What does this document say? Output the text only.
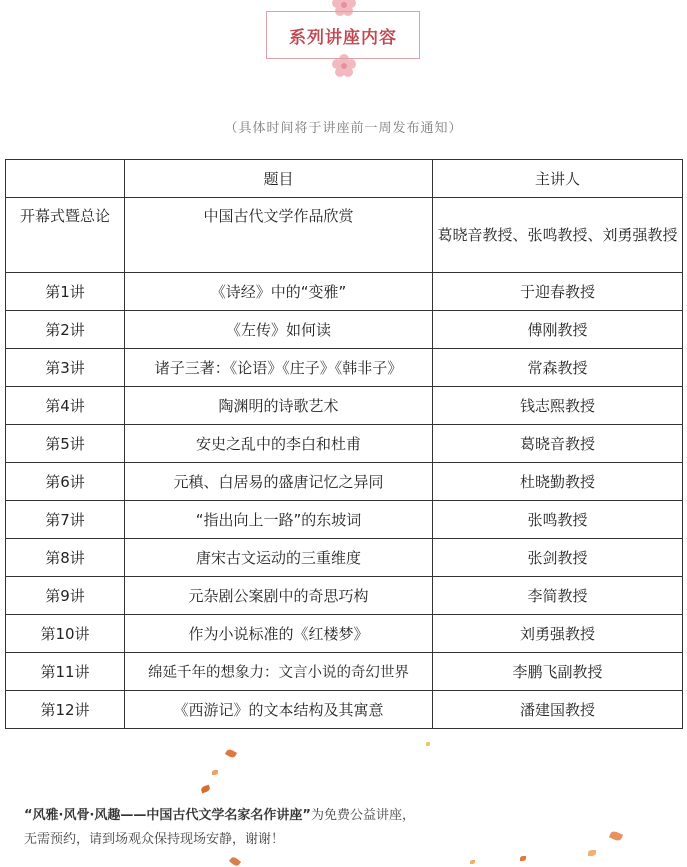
系列讲座内容
（具体时间将于讲座前一周发布通知）
	题目	主讲人
开幕式暨总论	中国古代文学作品欣赏	葛晓音教授、张鸣教授、刘勇强教授
第1讲	《诗经》中的“变雅”	于迎春教授
第2讲	《左传》如何读	傅刚教授
第3讲	诸子三著：《论语》《庄子》《韩非子》	常森教授
第4讲	陶渊明的诗歌艺术	钱志熙教授
第5讲	安史之乱中的李白和杜甫	葛晓音教授
第6讲	元稹、白居易的盛唐记忆之异同	杜晓勤教授
第7讲	“指出向上一路”的东坡词	张鸣教授
第8讲	唐宋古文运动的三重维度	张剑教授
第9讲	元杂剧公案剧中的奇思巧构	李简教授
第10讲	作为小说标准的《红楼梦》	刘勇强教授
第11讲	绵延千年的想象力：文言小说的奇幻世界	李鹏飞副教授
第12讲	《西游记》的文本结构及其寓意	潘建国教授
“风雅·风骨·风趣——中国古代文学名家名作讲座”为免费公益讲座，
无需预约，请到场观众保持现场安静，谢谢！
